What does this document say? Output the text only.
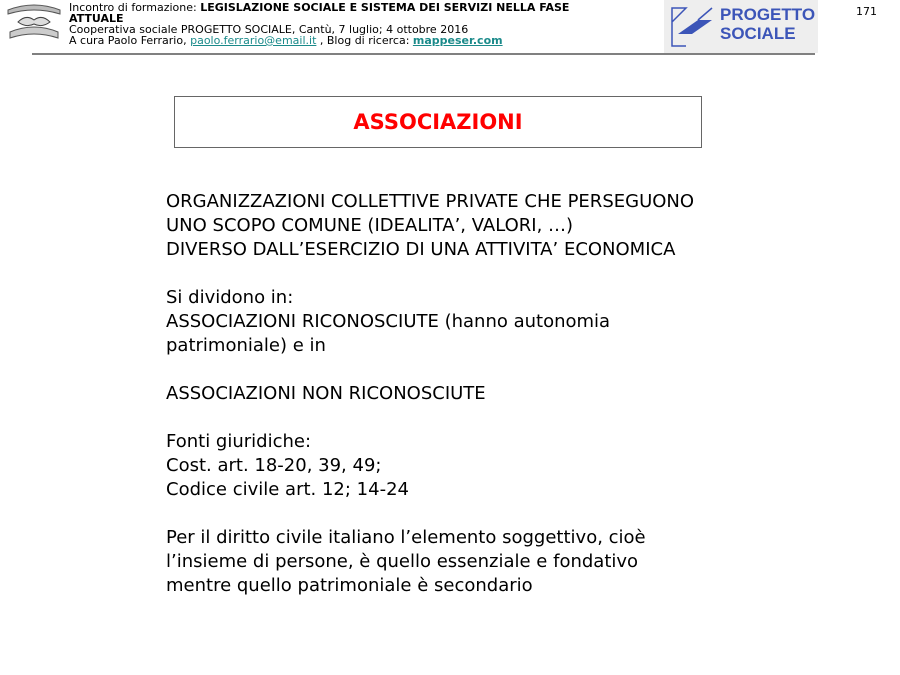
Incontro di formazione: LEGISLAZIONE SOCIALE E SISTEMA DEI SERVIZI NELLA FASE
ATTUALE
Cooperativa sociale PROGETTO SOCIALE, Cantù, 7 luglio; 4 ottobre 2016
A cura Paolo Ferrario, paolo.ferrario@email.it , Blog di ricerca: mappeser.com
PROGETTO
SOCIALE
171
ASSOCIAZIONI

ORGANIZZAZIONI COLLETTIVE PRIVATE CHE PERSEGUONO

UNO SCOPO COMUNE (IDEALITA’, VALORI, …)

DIVERSO DALL’ESERCIZIO DI UNA ATTIVITA’ ECONOMICA

Si dividono in:

ASSOCIAZIONI RICONOSCIUTE (hanno autonomia

patrimoniale) e in

ASSOCIAZIONI NON RICONOSCIUTE

Fonti giuridiche:

Cost. art. 18-20, 39, 49;

Codice civile art. 12; 14-24

Per il diritto civile italiano l’elemento soggettivo, cioè

l’insieme di persone, è quello essenziale e fondativo

mentre quello patrimoniale è secondario
